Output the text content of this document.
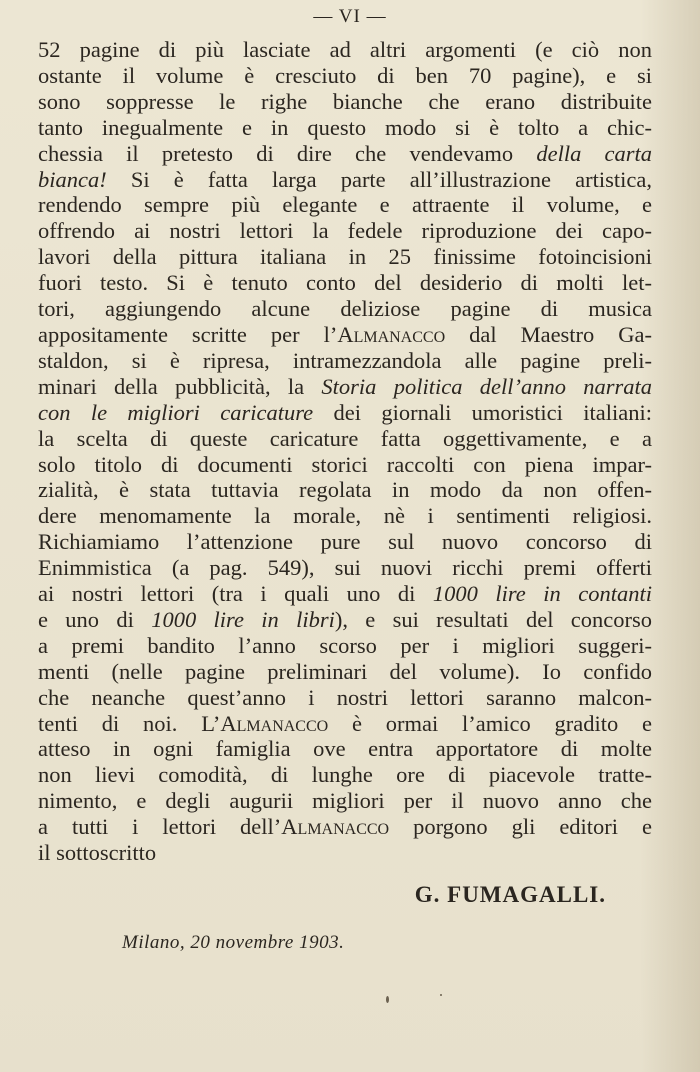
— VI —
52 pagine di più lasciate ad altri argomenti (e ciò non
ostante il volume è cresciuto di ben 70 pagine), e si
sono soppresse le righe bianche che erano distribuite
tanto inegualmente e in questo modo si è tolto a chic-
chessia il pretesto di dire che vendevamo della carta
bianca! Si è fatta larga parte all’illustrazione artistica,
rendendo sempre più elegante e attraente il volume, e
offrendo ai nostri lettori la fedele riproduzione dei capo-
lavori della pittura italiana in 25 finissime fotoincisioni
fuori testo. Si è tenuto conto del desiderio di molti let-
tori, aggiungendo alcune deliziose pagine di musica
appositamente scritte per l’Almanacco dal Maestro Ga-
staldon, si è ripresa, intramezzandola alle pagine preli-
minari della pubblicità, la Storia politica dell’anno narrata
con le migliori caricature dei giornali umoristici italiani:
la scelta di queste caricature fatta oggettivamente, e a
solo titolo di documenti storici raccolti con piena impar-
zialità, è stata tuttavia regolata in modo da non offen-
dere menomamente la morale, nè i sentimenti religiosi.
Richiamiamo l’attenzione pure sul nuovo concorso di
Enimmistica (a pag. 549), sui nuovi ricchi premi offerti
ai nostri lettori (tra i quali uno di 1000 lire in contanti
e uno di 1000 lire in libri), e sui resultati del concorso
a premi bandito l’anno scorso per i migliori suggeri-
menti (nelle pagine preliminari del volume). Io confido
che neanche quest’anno i nostri lettori saranno malcon-
tenti di noi. L’Almanacco è ormai l’amico gradito e
atteso in ogni famiglia ove entra apportatore di molte
non lievi comodità, di lunghe ore di piacevole tratte-
nimento, e degli augurii migliori per il nuovo anno che
a tutti i lettori dell’Almanacco porgono gli editori e
il sottoscritto
G. FUMAGALLI.
Milano, 20 novembre 1903.
